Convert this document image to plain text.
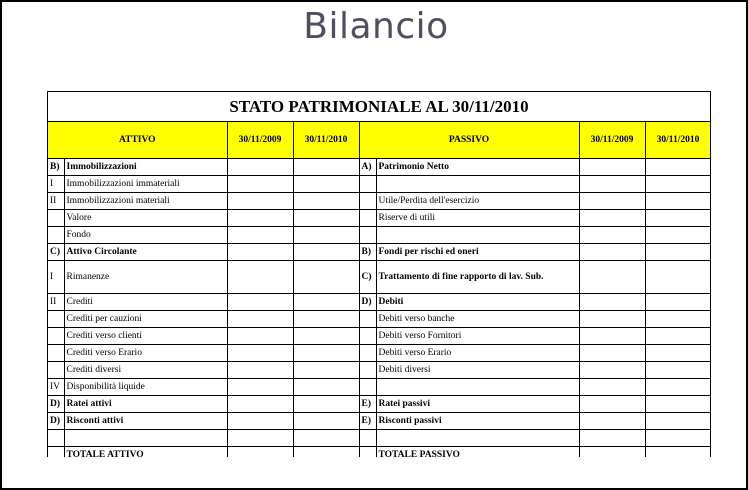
Bilancio
STATO PATRIMONIALE AL 30/11/2010
ATTIVO		30/11/2009	30/11/2010	PASSIVO		30/11/2009	30/11/2010
B)	Immobilizzazioni			A)	Patrimonio Netto		
I	Immobilizzazioni immateriali						
II	Immobilizzazioni materiali				Utile/Perdita dell'esercizio		
	Valore				Riserve di utili		
	Fondo						
C)	Attivo Circolante			B)	Fondi per rischi ed oneri		
I	Rimanenze			C)	Trattamento di fine rapporto di lav. Sub.		
II	Crediti			D)	Debiti		
	Crediti per cauzioni				Debiti verso banche		
	Crediti verso clienti				Debiti verso Fornitori		
	Crediti verso Erario				Debiti verso Erario		
	Crediti diversi				Debiti diversi		
IV	Disponibilità liquide						
D)	Ratei attivi			E)	Ratei passivi		
D)	Risconti attivi			E)	Risconti passivi		

	TOTALE ATTIVO				TOTALE PASSIVO		
